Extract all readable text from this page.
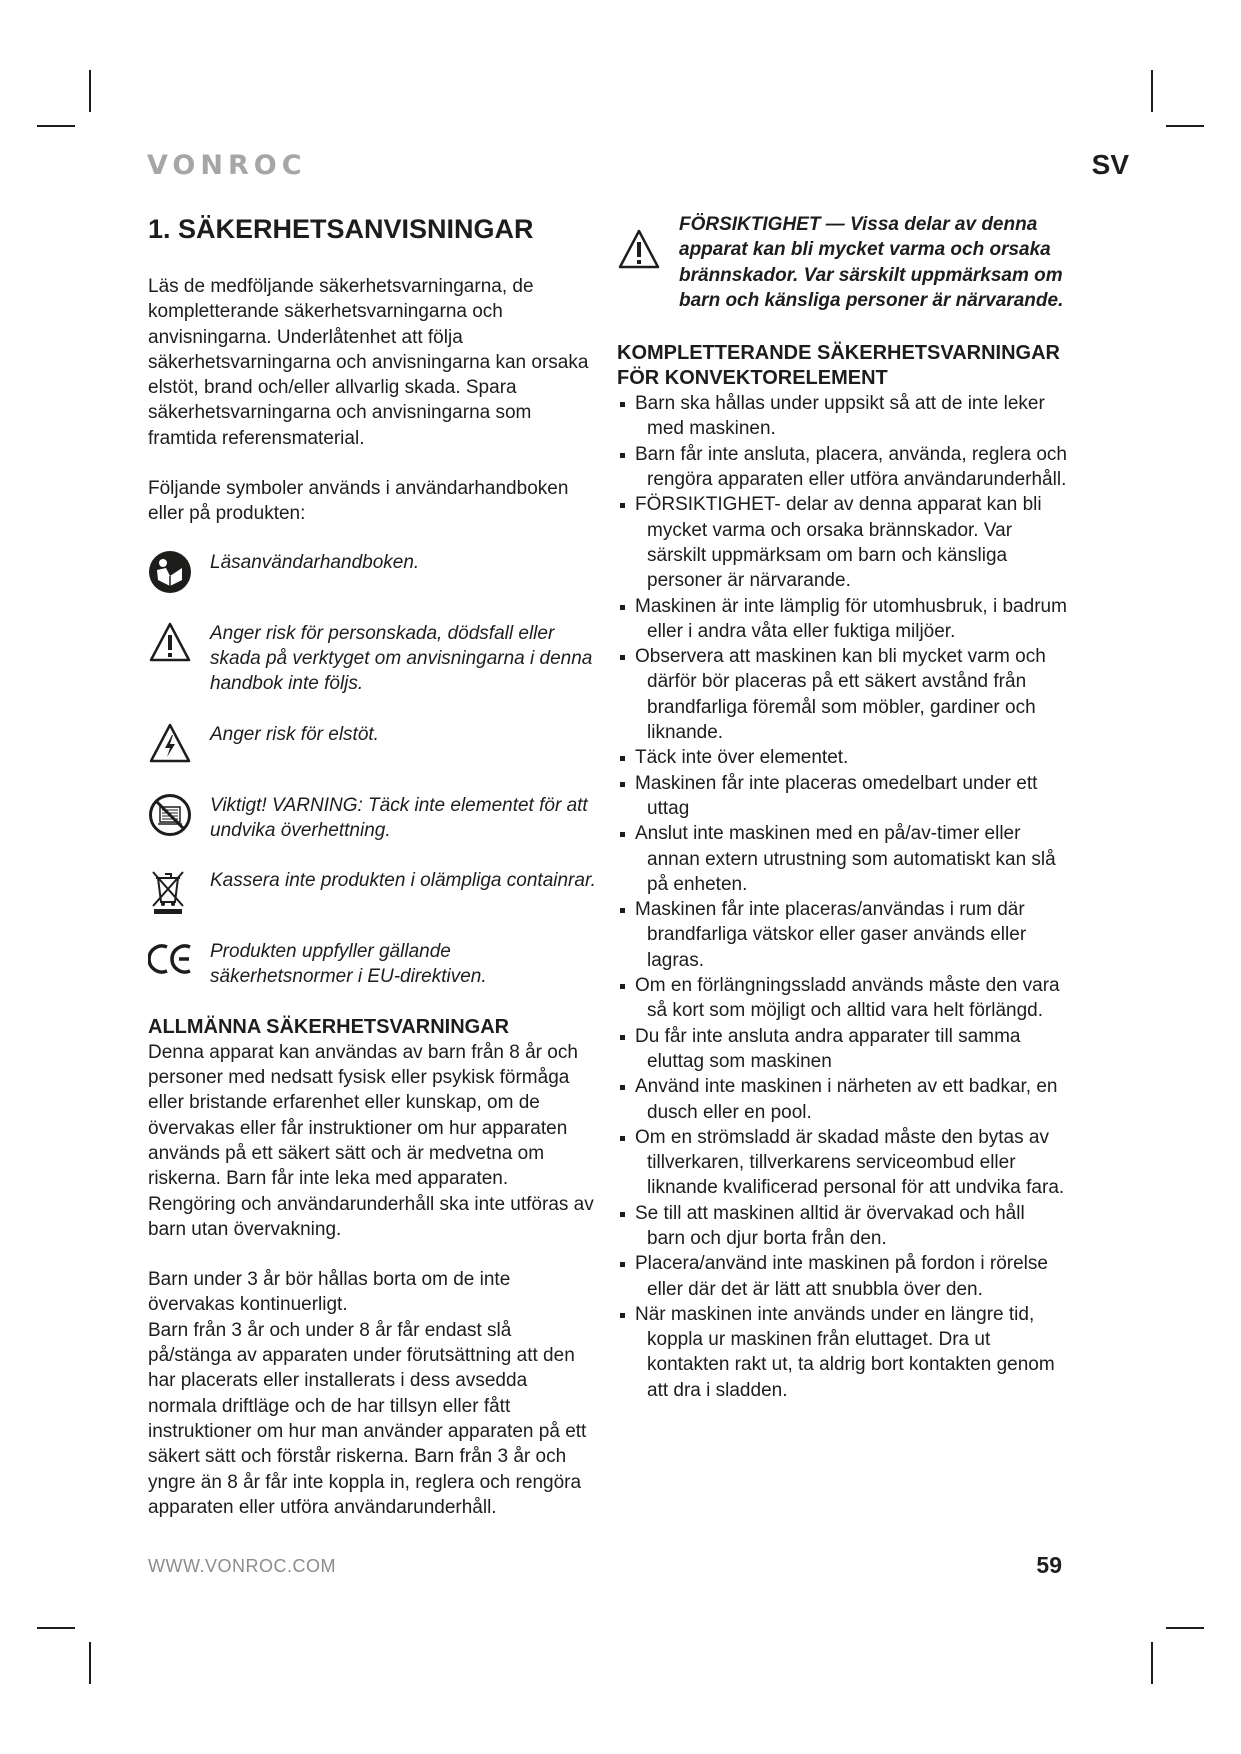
VONROC	SV
1. SÄKERHETSANVISNINGAR

Läs de medföljande säkerhetsvarningarna, de kompletterande säkerhetsvarningarna och anvisningarna. Underlåtenhet att följa säkerhetsvarningarna och anvisningarna kan orsaka elstöt, brand och/eller allvarlig skada. Spara säkerhetsvarningarna och anvisningarna som framtida referensmaterial.

Följande symboler används i användarhandboken eller på produkten:

Läsanvändarhandboken.
Anger risk för personskada, dödsfall eller skada på verktyget om anvisningarna i denna handbok inte följs.
Anger risk för elstöt.
Viktigt! VARNING: Täck inte elementet för att undvika överhettning.
Kassera inte produkten i olämpliga containrar.
Produkten uppfyller gällande säkerhetsnormer i EU-direktiven.
ALLMÄNNA SÄKERHETSVARNINGAR

Denna apparat kan användas av barn från 8 år och personer med nedsatt fysisk eller psykisk förmåga eller bristande erfarenhet eller kunskap, om de övervakas eller får instruktioner om hur apparaten används på ett säkert sätt och är medvetna om riskerna. Barn får inte leka med apparaten. Rengöring och användarunderhåll ska inte utföras av barn utan övervakning.

Barn under 3 år bör hållas borta om de inte övervakas kontinuerligt.

Barn från 3 år och under 8 år får endast slå på/stänga av apparaten under förutsättning att den har placerats eller installerats i dess avsedda normala driftläge och de har tillsyn eller fått instruktioner om hur man använder apparaten på ett säkert sätt och förstår riskerna. Barn från 3 år och yngre än 8 år får inte koppla in, reglera och rengöra apparaten eller utföra användarunderhåll.

FÖRSIKTIGHET — Vissa delar av denna apparat kan bli mycket varma och orsaka brännskador. Var särskilt uppmärksam om barn och känsliga personer är närvarande.
KOMPLETTERANDE SÄKERHETSVARNINGAR FÖR KONVEKTORELEMENT
Barn ska hållas under uppsikt så att de inte leker med maskinen.
Barn får inte ansluta, placera, använda, reglera och rengöra apparaten eller utföra användarunderhåll.
FÖRSIKTIGHET- delar av denna apparat kan bli mycket varma och orsaka brännskador. Var särskilt uppmärksam om barn och känsliga personer är närvarande.
Maskinen är inte lämplig för utomhusbruk, i badrum eller i andra våta eller fuktiga miljöer.
Observera att maskinen kan bli mycket varm och därför bör placeras på ett säkert avstånd från brandfarliga föremål som möbler, gardiner och liknande.
Täck inte över elementet.
Maskinen får inte placeras omedelbart under ett uttag
Anslut inte maskinen med en på/av-timer eller annan extern utrustning som automatiskt kan slå på enheten.
Maskinen får inte placeras/användas i rum där brandfarliga vätskor eller gaser används eller lagras.
Om en förlängningssladd används måste den vara så kort som möjligt och alltid vara helt förlängd.
Du får inte ansluta andra apparater till samma eluttag som maskinen
Använd inte maskinen i närheten av ett badkar, en dusch eller en pool.
Om en strömsladd är skadad måste den bytas av tillverkaren, tillverkarens serviceombud eller liknande kvalificerad personal för att undvika fara.
Se till att maskinen alltid är övervakad och håll barn och djur borta från den.
Placera/använd inte maskinen på fordon i rörelse eller där det är lätt att snubbla över den.
När maskinen inte används under en längre tid, koppla ur maskinen från eluttaget. Dra ut kontakten rakt ut, ta aldrig bort kontakten genom att dra i sladden.
WWW.VONROC.COM	59
